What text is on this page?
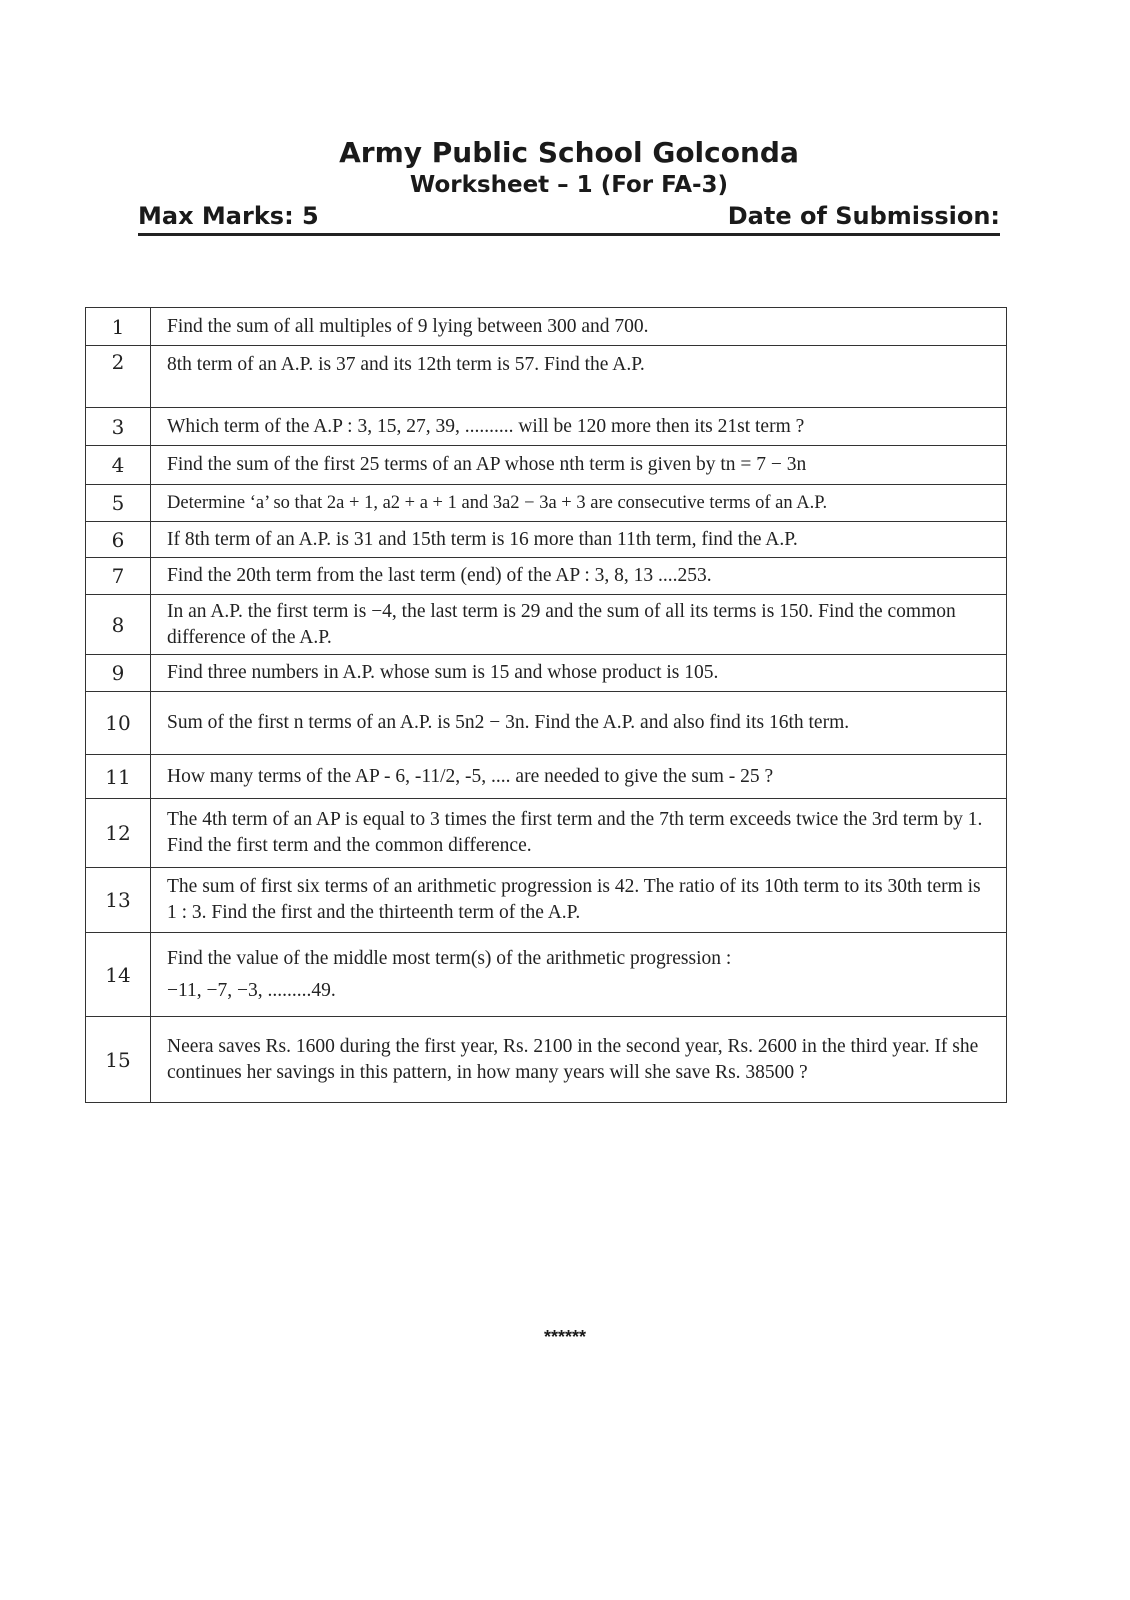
Army Public School Golconda
Worksheet – 1 (For FA-3)
Max Marks: 5	Date of Submission:
1	Find the sum of all multiples of 9 lying between 300 and 700.
2	8th term of an A.P. is 37 and its 12th term is 57. Find the A.P.
3	Which term of the A.P : 3, 15, 27, 39, .......... will be 120 more then its 21st term ?
4	Find the sum of the first 25 terms of an AP whose nth term is given by tn = 7 − 3n
5	Determine ‘a’ so that 2a + 1, a2 + a + 1 and 3a2 − 3a + 3 are consecutive terms of an A.P.
6	If 8th term of an A.P. is 31 and 15th term is 16 more than 11th term, find the A.P.
7	Find the 20th term from the last term (end) of the AP : 3, 8, 13 ....253.
8	In an A.P. the first term is −4, the last term is 29 and the sum of all its terms is 150. Find the common difference of the A.P.
9	Find three numbers in A.P. whose sum is 15 and whose product is 105.
10	Sum of the first n terms of an A.P. is 5n2 − 3n. Find the A.P. and also find its 16th term.
11	How many terms of the AP - 6, -11/2, -5, .... are needed to give the sum - 25 ?
12	The 4th term of an AP is equal to 3 times the first term and the 7th term exceeds twice the 3rd term by 1. Find the first term and the common difference.
13	The sum of first six terms of an arithmetic progression is 42. The ratio of its 10th term to its 30th term is 1 : 3. Find the first and the thirteenth term of the A.P.
14	Find the value of the middle most term(s) of the arithmetic progression :
−11, −7, −3, .........49.

15	Neera saves Rs. 1600 during the first year, Rs. 2100 in the second year, Rs. 2600 in the third year. If she continues her savings in this pattern, in how many years will she save Rs. 38500 ?
******
